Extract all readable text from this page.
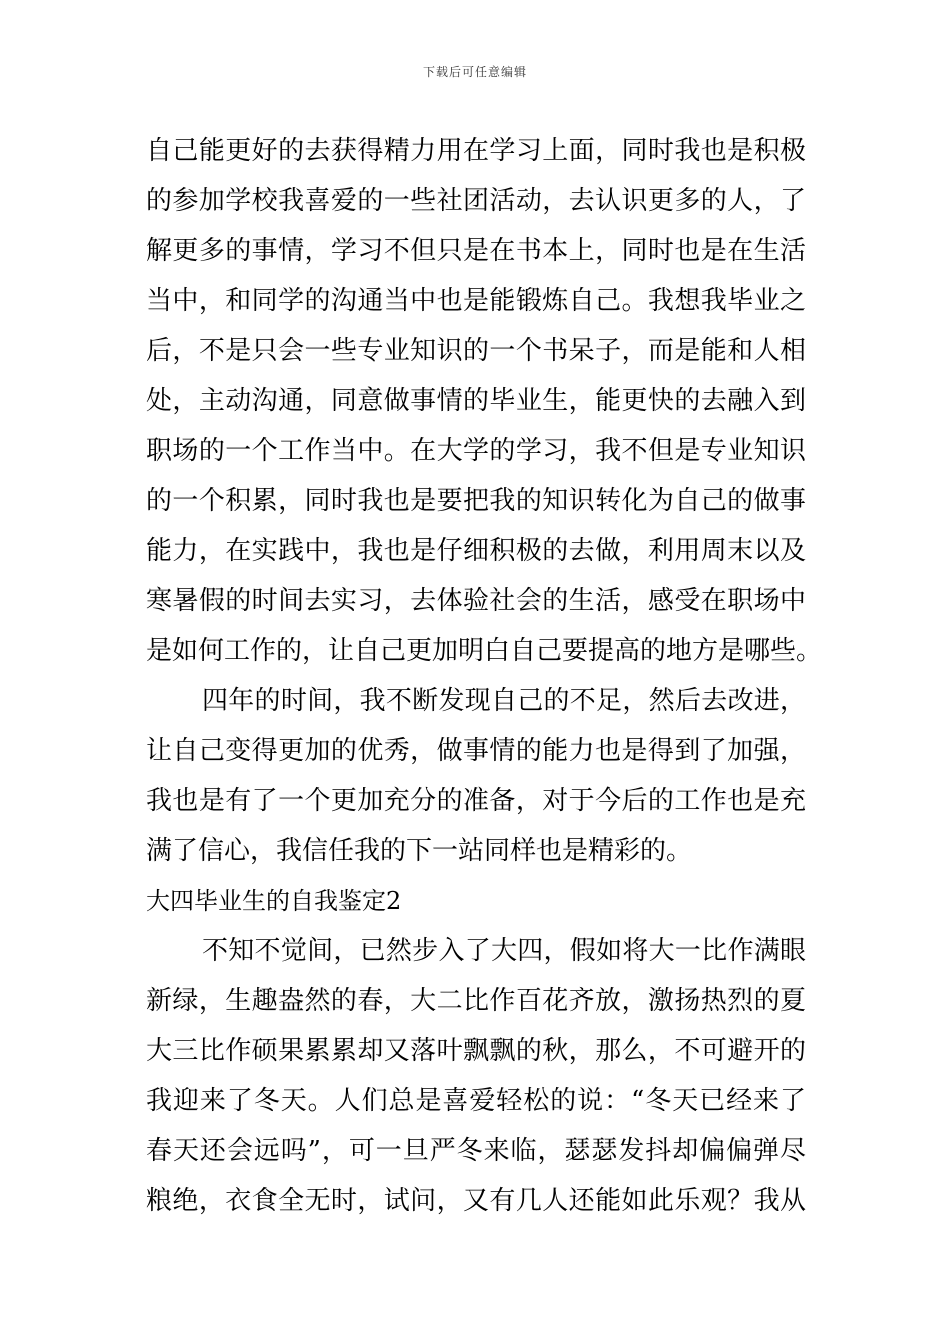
下载后可任意编辑
自己能更好的去获得精力用在学习上面，同时我也是积极
的参加学校我喜爱的一些社团活动，去认识更多的人，了
解更多的事情，学习不但只是在书本上，同时也是在生活
当中，和同学的沟通当中也是能锻炼自己。我想我毕业之
后，不是只会一些专业知识的一个书呆子，而是能和人相
处，主动沟通，同意做事情的毕业生，能更快的去融入到
职场的一个工作当中。在大学的学习，我不但是专业知识
的一个积累，同时我也是要把我的知识转化为自己的做事
能力，在实践中，我也是仔细积极的去做，利用周末以及
寒暑假的时间去实习，去体验社会的生活，感受在职场中
是如何工作的，让自己更加明白自己要提高的地方是哪些。
四年的时间，我不断发现自己的不足，然后去改进，
让自己变得更加的优秀，做事情的能力也是得到了加强，
我也是有了一个更加充分的准备，对于今后的工作也是充
满了信心，我信任我的下一站同样也是精彩的。
大四毕业生的自我鉴定2
不知不觉间，已然步入了大四，假如将大一比作满眼
新绿，生趣盎然的春，大二比作百花齐放，激扬热烈的夏
大三比作硕果累累却又落叶飘飘的秋，那么，不可避开的
我迎来了冬天。人们总是喜爱轻松的说：“冬天已经来了
春天还会远吗”，可一旦严冬来临，瑟瑟发抖却偏偏弹尽
粮绝，衣食全无时，试问，又有几人还能如此乐观？我从
